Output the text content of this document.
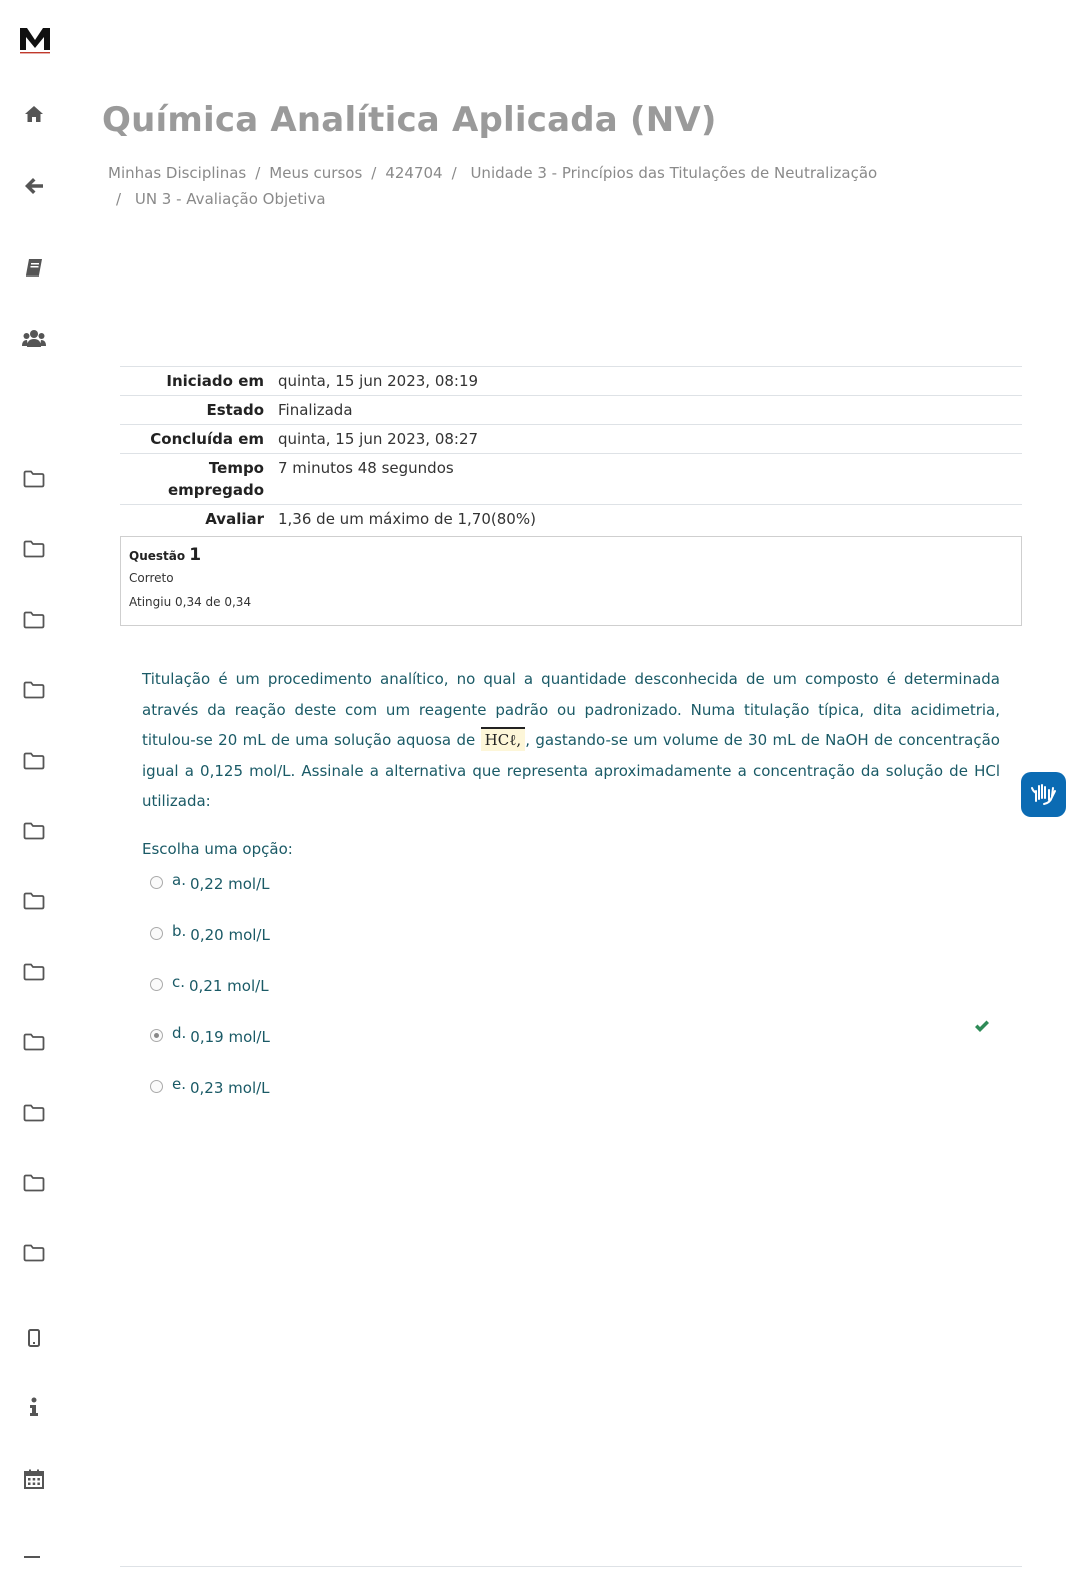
Química Analítica Aplicada (NV)
Minhas Disciplinas / Meus cursos / 424704 / Unidade 3 - Princípios das Titulações de Neutralização
/ UN 3 - Avaliação Objetiva
Iniciado em	quinta, 15 jun 2023, 08:19
Estado	Finalizada
Concluída em	quinta, 15 jun 2023, 08:27
Tempo
empregado	7 minutos 48 segundos
Avaliar	1,36 de um máximo de 1,70(80%)
Questão 1
Correto
Atingiu 0,34 de 0,34

Titulação é um procedimento analítico, no qual a quantidade desconhecida de um composto é determinada através da reação deste com um reagente padrão ou padronizado. Numa titulação típica, dita acidimetria, titulou-se 20 mL de uma solução aquosa de HCℓ, , gastando-se um volume de 30 mL de NaOH de concentração igual a 0,125 mol/L. Assinale a alternativa que representa aproximadamente a concentração da solução de HCl utilizada:

Escolha uma opção:
a. 0,22 mol/L
b. 0,20 mol/L
c. 0,21 mol/L
d. 0,19 mol/L
e. 0,23 mol/L
